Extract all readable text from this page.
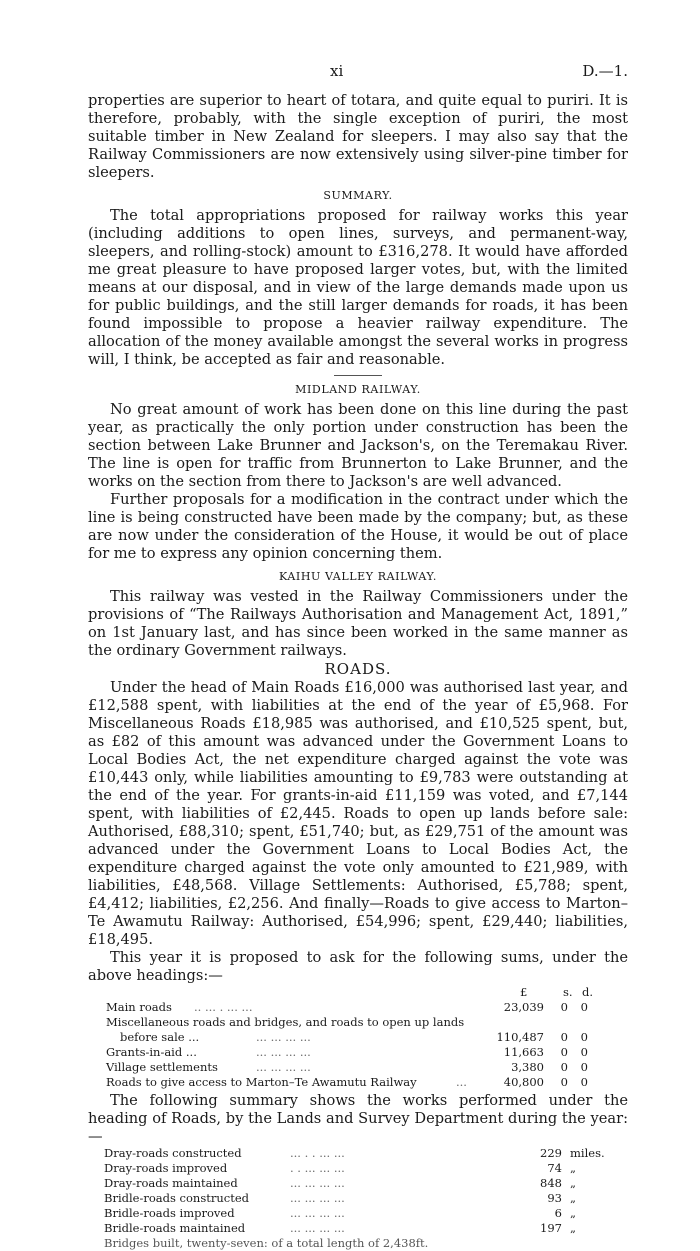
xi	D.—1.

properties are superior to heart of totara, and quite equal to puriri. It is therefore, probably, with the single exception of puriri, the most suitable timber in New Zealand for sleepers. I may also say that the Railway Commissioners are now extensively using silver-pine timber for sleepers.

SUMMARY.

The total appropriations proposed for railway works this year (including additions to open lines, surveys, and permanent-way, sleepers, and rolling-stock) amount to £316,278. It would have afforded me great pleasure to have proposed larger votes, but, with the limited means at our disposal, and in view of the large demands made upon us for public buildings, and the still larger demands for roads, it has been found impossible to propose a heavier railway expenditure. The allocation of the money available amongst the several works in progress will, I think, be accepted as fair and reasonable.

MIDLAND RAILWAY.

No great amount of work has been done on this line during the past year, as practically the only portion under construction has been the section between Lake Brunner and Jackson's, on the Teremakau River. The line is open for traffic from Brunnerton to Lake Brunner, and the works on the section from there to Jackson's are well advanced.

Further proposals for a modification in the contract under which the line is being constructed have been made by the company; but, as these are now under the consideration of the House, it would be out of place for me to express any opinion concerning them.

KAIHU VALLEY RAILWAY.

This railway was vested in the Railway Commissioners under the provisions of “The Railways Authorisation and Management Act, 1891,” on 1st January last, and has since been worked in the same manner as the ordinary Government railways.

ROADS.

Under the head of Main Roads £16,000 was authorised last year, and £12,588 spent, with liabilities at the end of the year of £5,968. For Miscellaneous Roads £18,985 was authorised, and £10,525 spent, but, as £82 of this amount was advanced under the Government Loans to Local Bodies Act, the net expenditure charged against the vote was £10,443 only, while liabilities amounting to £9,783 were outstanding at the end of the year. For grants-in-aid £11,159 was voted, and £7,144 spent, with liabilities of £2,445. Roads to open up lands before sale: Authorised, £88,310; spent, £51,740; but, as £29,751 of the amount was advanced under the Government Loans to Local Bodies Act, the expenditure charged against the vote only amounted to £21,989, with liabilities, £48,568. Village Settlements: Authorised, £5,788; spent, £4,412; liabilities, £2,256. And finally—Roads to give access to Marton–Te Awamutu Railway: Authorised, £54,996; spent, £29,440; liabilities, £18,495.

This year it is proposed to ask for the following sums, under the above headings:—

£	s. d.
Main roads .. ... . ... ...	23,039 0 0
Miscellaneous roads and bridges, and roads to open up lands
before sale ...	... ... ... ...	110,487 0 0
Grants-in-aid ...	... ... ... ...	11,663 0 0
Village settlements	... ... ... ...	3,380 0 0
Roads to give access to Marton–Te Awamutu Railway	...	40,800 0 0

The following summary shows the works performed under the heading of Roads, by the Lands and Survey Department during the year:—

Dray-roads constructed	... . . ... ...	229 miles.
Dray-roads improved	. . ... ... ...	74 „
Dray-roads maintained	... ... ... ...	848 „
Bridle-roads constructed	... ... ... ...	93 „
Bridle-roads improved	... ... ... ...	6 „
Bridle-roads maintained	... ... ... ...	197 „
Bridges built, twenty-seven: of a total length of 2,438ft.
